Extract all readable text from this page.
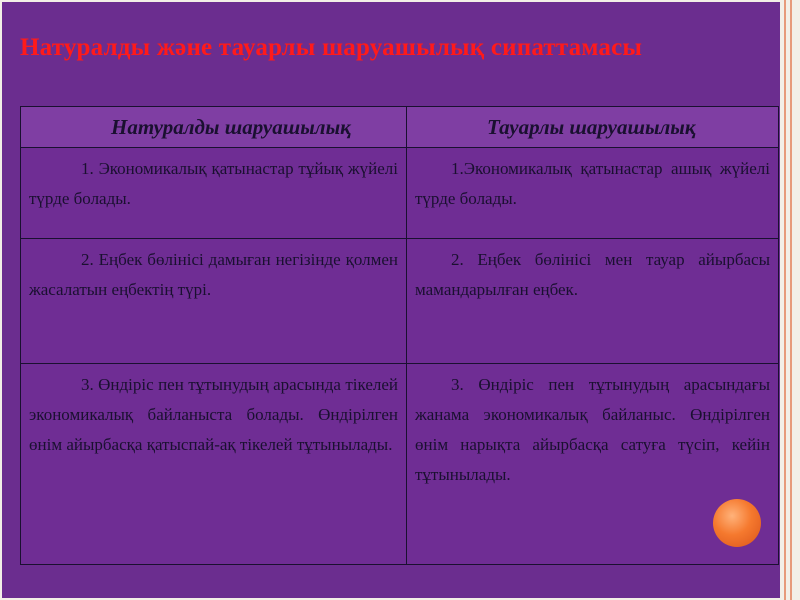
Натуралды және тауарлы шаруашылық сипаттамасы
Натуралды шаруашылық	Тауарлы шаруашылық
1. Экономикалық қатынастар тұйық жүйелі түрде болады.	1.Экономикалық қатынастар ашық жүйелі түрде болады.
2. Еңбек бөлінісі дамыған негізінде қолмен жасалатын еңбектің түрі.	2. Еңбек бөлінісі мен тауар айырбасы мамандарылған еңбек.
3. Өндіріс пен тұтынудың арасында тікелей экономикалық байланыста болады. Өндірілген өнім айырбасқа қатыспай-ақ тікелей тұтынылады.	3. Өндіріс пен тұтынудың арасындағы жанама экономикалық байланыс. Өндірілген өнім нарықта айырбасқа сатуға түсіп, кейін тұтынылады.
